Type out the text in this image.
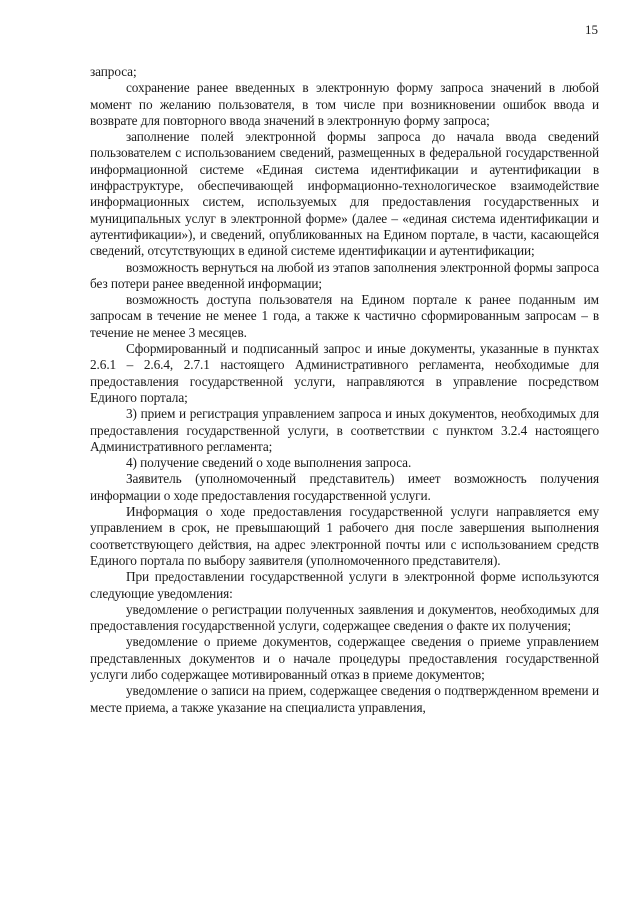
15

запроса;

сохранение ранее введенных в электронную форму запроса значений в любой момент по желанию пользователя, в том числе при возникновении ошибок ввода и возврате для повторного ввода значений в электронную форму запроса;

заполнение полей электронной формы запроса до начала ввода сведений пользователем с использованием сведений, размещенных в федеральной государственной информационной системе «Единая система идентификации и аутентификации в инфраструктуре, обеспечивающей информационно-технологическое взаимодействие информационных систем, используемых для предоставления государственных и муниципальных услуг в электронной форме» (далее – «единая система идентификации и аутентификации»), и сведений, опубликованных на Едином портале, в части, касающейся сведений, отсутствующих в единой системе идентификации и аутентификации;

возможность вернуться на любой из этапов заполнения электронной формы запроса без потери ранее введенной информации;

возможность доступа пользователя на Едином портале к ранее поданным им запросам в течение не менее 1 года, а также к частично сформированным запросам – в течение не менее 3 месяцев.

Сформированный и подписанный запрос и иные документы, указанные в пунктах 2.6.1 – 2.6.4, 2.7.1 настоящего Административного регламента, необходимые для предоставления государственной услуги, направляются в управление посредством Единого портала;

3) прием и регистрация управлением запроса и иных документов, необходимых для предоставления государственной услуги, в соответствии с пунктом 3.2.4 настоящего Административного регламента;

4) получение сведений о ходе выполнения запроса.

Заявитель (уполномоченный представитель) имеет возможность получения информации о ходе предоставления государственной услуги.

Информация о ходе предоставления государственной услуги направляется ему управлением в срок, не превышающий 1 рабочего дня после завершения выполнения соответствующего действия, на адрес электронной почты или с использованием средств Единого портала по выбору заявителя (уполномоченного представителя).

При предоставлении государственной услуги в электронной форме используются следующие уведомления:

уведомление о регистрации полученных заявления и документов, необходимых для предоставления государственной услуги, содержащее сведения о факте их получения;

уведомление о приеме документов, содержащее сведения о приеме управлением представленных документов и о начале процедуры предоставления государственной услуги либо содержащее мотивированный отказ в приеме документов;

уведомление о записи на прием, содержащее сведения о подтвержденном времени и месте приема, а также указание на специалиста управления,
